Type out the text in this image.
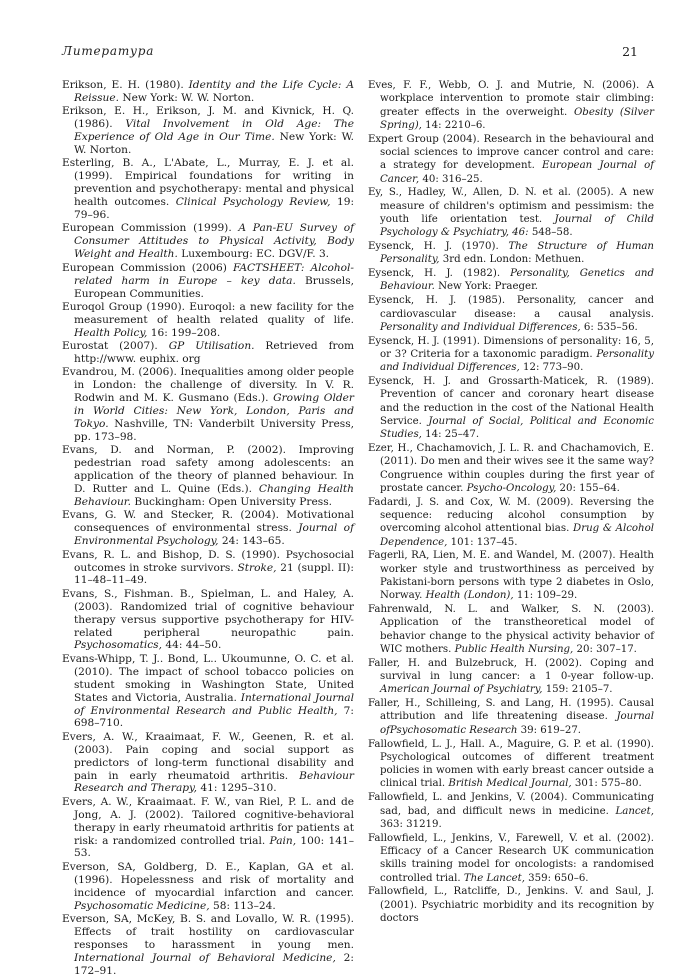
Литература	21

Erikson, E. H. (1980). Identity and the Life Cycle: A Reissue. New York: W. W. Norton.

Erikson, E. H., Erikson, J. M. and Kivnick, H. Q. (1986). Vital Involvement in Old Age: The Experience of Old Age in Our Time. New York: W. W. Norton.

Esterling, B. A., L'Abate, L., Murray, E. J. et al. (1999). Empirical foundations for writing in prevention and psychotherapy: mental and physical health outcomes. Clinical Psychology Review, 19: 79–96.

European Commission (1999). A Pan-EU Survey of Consumer Attitudes to Physical Activity, Body Weight and Health. Luxembourg: EC. DGV/F. 3.

European Commission (2006) FACTSHEET: Alcohol-related harm in Europe – key data. Brussels, European Communities.

Euroqol Group (1990). Euroqol: a new facility for the measurement of health related quality of life. Health Policy, 16: 199–208.

Eurostat (2007). GP Utilisation. Retrieved from http://www. euphix. org

Evandrou, M. (2006). Inequalities among older people in London: the challenge of diversity. In V. R. Rodwin and M. K. Gusmano (Eds.). Growing Older in World Cities: New York, London, Paris and Tokyo. Nashville, TN: Vanderbilt University Press, pp. 173–98.

Evans, D. and Norman, P. (2002). Improving pedestrian road safety among adolescents: an application of the theory of planned behaviour. In D. Rutter and L. Quine (Eds.). Changing Health Behaviour. Buckingham: Open University Press.

Evans, G. W. and Stecker, R. (2004). Motivational consequences of environmental stress. Journal of Environmental Psychology, 24: 143–65.

Evans, R. L. and Bishop, D. S. (1990). Psychosocial outcomes in stroke survivors. Stroke, 21 (suppl. II): 11–48–11–49.

Evans, S., Fishman. B., Spielman, L. and Haley, A. (2003). Randomized trial of cognitive behaviour therapy versus supportive psychotherapy for HIV-related peripheral neuropathic pain. Psychosomatics, 44: 44–50.

Evans-Whipp, T. J.. Bond, L.. Ukoumunne, O. C. et al. (2010). The impact of school tobacco policies on student smoking in Washington State, United States and Victoria, Australia. International Journal of Environmental Research and Public Health, 7: 698–710.

Evers, A. W., Kraaimaat, F. W., Geenen, R. et al. (2003). Pain coping and social support as predictors of long-term functional disability and pain in early rheumatoid arthritis. Behaviour Research and Therapy, 41: 1295–310.

Evers, A. W., Kraaimaat. F. W., van Riel, P. L. and de Jong, A. J. (2002). Tailored cognitive-behavioral therapy in early rheumatoid arthritis for patients at risk: a randomized controlled trial. Pain, 100: 141–53.

Everson, SA, Goldberg, D. E., Kaplan, GA et al. (1996). Hopelessness and risk of mortality and incidence of myocardial infarction and cancer. Psychosomatic Medicine, 58: 113–24.

Everson, SA, McKey, B. S. and Lovallo, W. R. (1995). Effects of trait hostility on cardiovascular responses to harassment in young men. International Journal of Behavioral Medicine, 2: 172–91.

Eves, F. F., Webb, O. J. and Mutrie, N. (2006). A workplace intervention to promote stair climbing: greater effects in the overweight. Obesity (Silver Spring), 14: 2210–6.

Expert Group (2004). Research in the behavioural and social sciences to improve cancer control and care: a strategy for development. European Journal of Cancer, 40: 316–25.

Ey, S., Hadley, W., Allen, D. N. et al. (2005). A new measure of children's optimism and pessimism: the youth life orientation test. Journal of Child Psychology & Psychiatry, 46: 548–58.

Eysenck, H. J. (1970). The Structure of Human Personality, 3rd edn. London: Methuen.

Eysenck, H. J. (1982). Personality, Genetics and Behaviour. New York: Praeger.

Eysenck, H. J. (1985). Personality, cancer and cardiovascular disease: a causal analysis. Personality and Individual Differences, 6: 535–56.

Eysenck, H. J. (1991). Dimensions of personality: 16, 5, or 3? Criteria for a taxonomic paradigm. Personality and Individual Differences, 12: 773–90.

Eysenck, H. J. and Grossarth-Maticek, R. (1989). Prevention of cancer and coronary heart disease and the reduction in the cost of the National Health Service. Journal of Social, Political and Economic Studies, 14: 25–47.

Ezer, H., Chachamovich, J. L. R. and Chachamovich, E. (2011). Do men and their wives see it the same way? Congruence within couples during the first year of prostate cancer. Psycho-Oncology, 20: 155–64.

Fadardi, J. S. and Cox, W. M. (2009). Reversing the sequence: reducing alcohol consumption by overcoming alcohol attentional bias. Drug & Alcohol Dependence, 101: 137–45.

Fagerli, RA, Lien, M. E. and Wandel, M. (2007). Health worker style and trustworthiness as perceived by Pakistani-born persons with type 2 diabetes in Oslo, Norway. Health (London), 11: 109–29.

Fahrenwald, N. L. and Walker, S. N. (2003). Application of the transtheoretical model of behavior change to the physical activity behavior of WIC mothers. Public Health Nursing, 20: 307–17.

Faller, H. and Bulzebruck, H. (2002). Coping and survival in lung cancer: a 1 0-year follow-up. American Journal of Psychiatry, 159: 2105–7.

Faller, H., Schilleing, S. and Lang, H. (1995). Causal attribution and life threatening disease. Journal ofPsychosomatic Research 39: 619–27.

Fallowfield, L. J., Hall. A., Maguire, G. P. et al. (1990). Psychological outcomes of different treatment policies in women with early breast cancer outside a clinical trial. British Medical Journal, 301: 575–80.

Fallowfield, L. and Jenkins, V. (2004). Communicating sad, bad, and difficult news in medicine. Lancet, 363: 31219.

Fallowfield, L., Jenkins, V., Farewell, V. et al. (2002). Efficacy of a Cancer Research UK communication skills training model for oncologists: a randomised controlled trial. The Lancet, 359: 650–6.

Fallowfield, L., Ratcliffe, D., Jenkins. V. and Saul, J. (2001). Psychiatric morbidity and its recognition by doctors
